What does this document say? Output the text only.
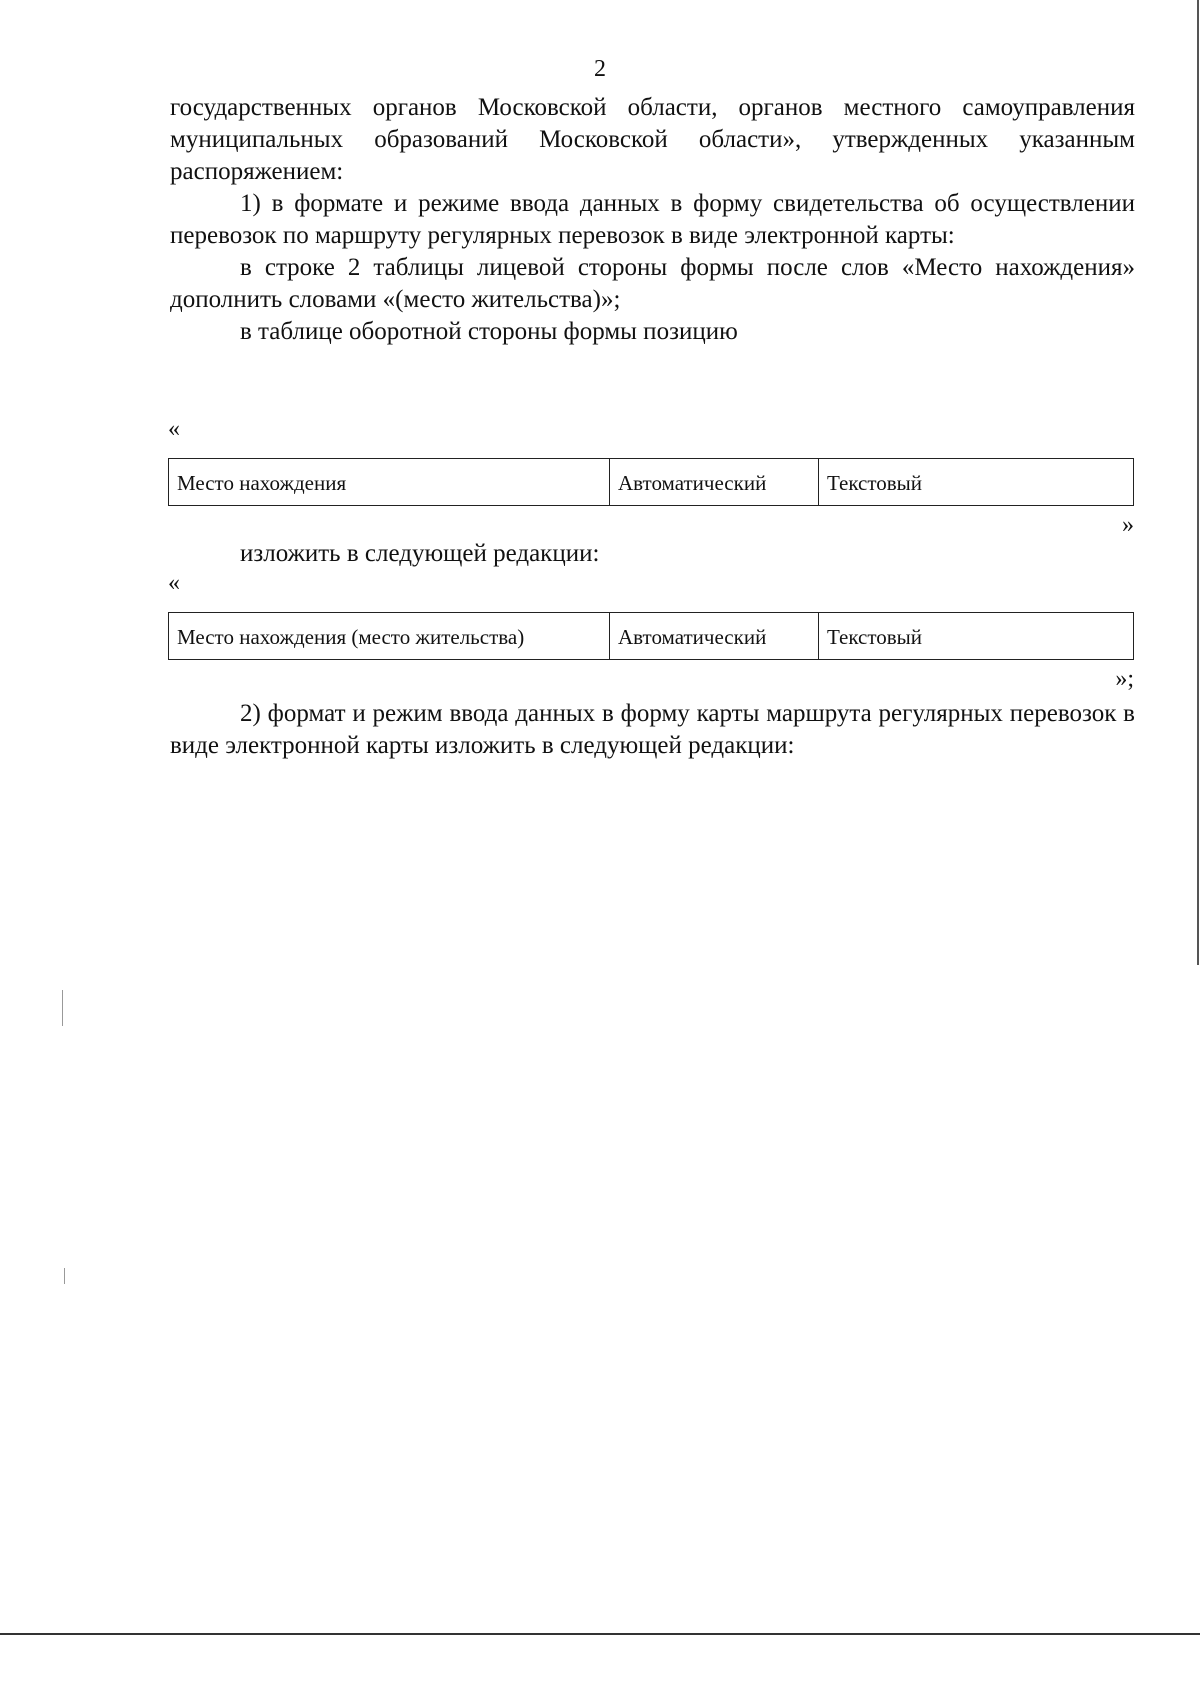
2

государственных органов Московской области, органов местного самоуправления муниципальных образований Московской области», утвержденных указанным распоряжением:

1) в формате и режиме ввода данных в форму свидетельства об осуществлении перевозок по маршруту регулярных перевозок в виде электронной карты:

в строке 2 таблицы лицевой стороны формы после слов «Место нахождения» дополнить словами «(место жительства)»;

в таблице оборотной стороны формы позицию

«
Место нахождения	Автоматический	Текстовый
»

изложить в следующей редакции:

«
Место нахождения (место жительства)	Автоматический	Текстовый
»;

2) формат и режим ввода данных в форму карты маршрута регулярных перевозок в виде электронной карты изложить в следующей редакции:
